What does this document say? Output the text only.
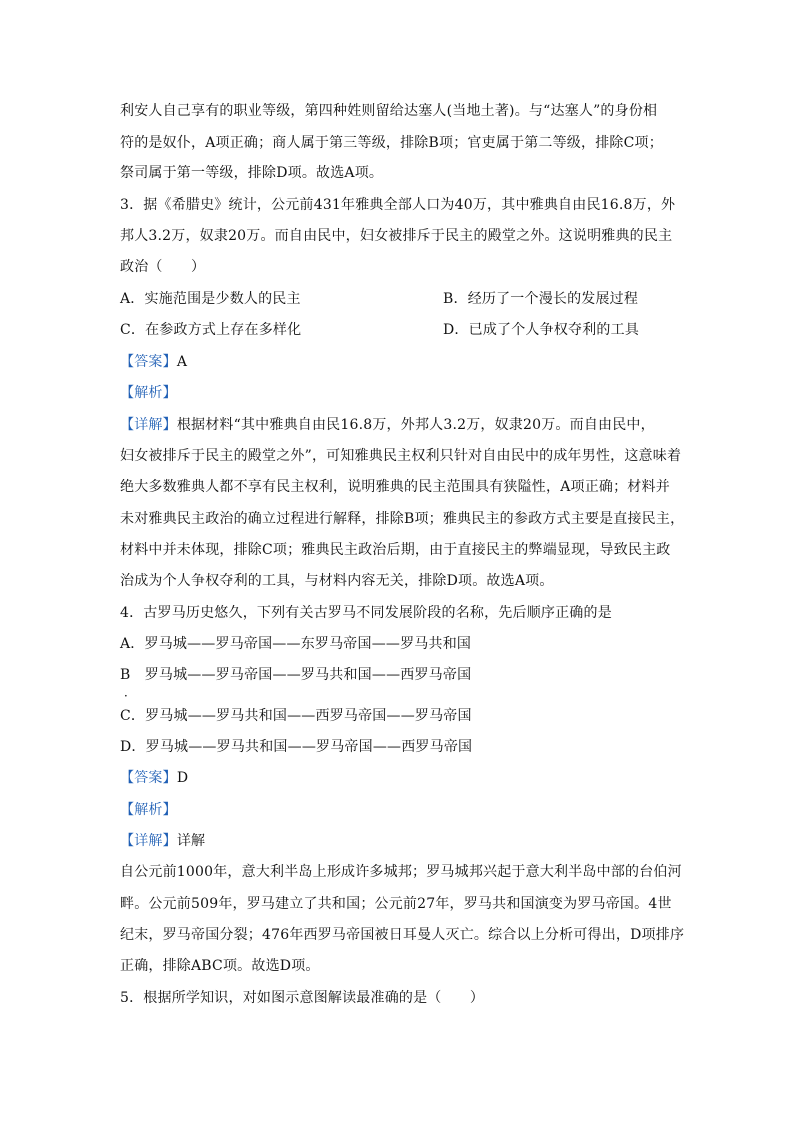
利安人自己享有的职业等级，第四种姓则留给达塞人(当地土著)。与“达塞人”的身份相
符的是奴仆，A项正确；商人属于第三等级，排除B项；官吏属于第二等级，排除C项；
祭司属于第一等级，排除D项。故选A项。
3．据《希腊史》统计，公元前431年雅典全部人口为40万，其中雅典自由民16.8万，外
邦人3.2万，奴隶20万。而自由民中，妇女被排斥于民主的殿堂之外。这说明雅典的民主
政治（　　）
A．实施范围是少数人的民主	B．经历了一个漫长的发展过程
C．在参政方式上存在多样化	D．已成了个人争权夺利的工具
【答案】A
【解析】
【详解】根据材料“其中雅典自由民16.8万，外邦人3.2万，奴隶20万。而自由民中，
妇女被排斥于民主的殿堂之外”，可知雅典民主权利只针对自由民中的成年男性，这意味着
绝大多数雅典人都不享有民主权利，说明雅典的民主范围具有狭隘性，A项正确；材料并
未对雅典民主政治的确立过程进行解释，排除B项；雅典民主的参政方式主要是直接民主，
材料中并未体现，排除C项；雅典民主政治后期，由于直接民主的弊端显现，导致民主政
治成为个人争权夺利的工具，与材料内容无关，排除D项。故选A项。
4．古罗马历史悠久，下列有关古罗马不同发展阶段的名称，先后顺序正确的是
A．罗马城——罗马帝国——东罗马帝国——罗马共和国
B　罗马城——罗马帝国——罗马共和国——西罗马帝国
．
C．罗马城——罗马共和国——西罗马帝国——罗马帝国
D．罗马城——罗马共和国——罗马帝国——西罗马帝国
【答案】D
【解析】
【详解】详解
自公元前1000年，意大利半岛上形成许多城邦；罗马城邦兴起于意大利半岛中部的台伯河
畔。公元前509年，罗马建立了共和国；公元前27年，罗马共和国演变为罗马帝国。4世
纪末，罗马帝国分裂；476年西罗马帝国被日耳曼人灭亡。综合以上分析可得出，D项排序
正确，排除ABC项。故选D项。
5．根据所学知识，对如图示意图解读最准确的是（　　）
